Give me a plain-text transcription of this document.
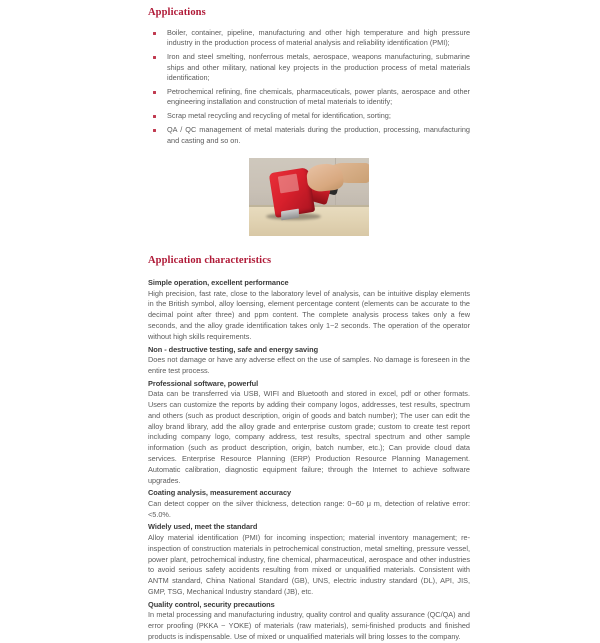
Applications
Boiler, container, pipeline, manufacturing and other high temperature and high pressure industry in the production process of material analysis and reliability identification (PMI);
Iron and steel smelting, nonferrous metals, aerospace, weapons manufacturing, submarine ships and other military, national key projects in the production process of metal materials identification;
Petrochemical refining, fine chemicals, pharmaceuticals, power plants, aerospace and other engineering installation and construction of metal materials to identify;
Scrap metal recycling and recycling of metal for identification, sorting;
QA / QC management of metal materials during the production, processing, manufacturing and casting and so on.
Application characteristics
Simple operation, excellent performance

High precision, fast rate, close to the laboratory level of analysis, can be intuitive display elements in the British symbol, alloy loensing, element percentage content (elements can be accurate to the decimal point after three) and ppm content. The complete analysis process takes only a few seconds, and the alloy grade identification takes only 1~2 seconds. The operation of the operator without high skills requirements.

Non - destructive testing, safe and energy saving

Does not damage or have any adverse effect on the use of samples. No damage is foreseen in the entire test process.

Professional software, powerful

Data can be transferred via USB, WIFI and Bluetooth and stored in excel, pdf or other formats. Users can customize the reports by adding their company logos, addresses, test results, spectrum and others (such as product description, origin of goods and batch number); The user can edit the alloy brand library, add the alloy grade and enterprise custom grade; custom to create test report including company logo, company address, test results, spectral spectrum and other sample information (such as product description, origin, batch number, etc.); Can provide cloud data services. Enterprise Resource Planning (ERP) Production Resource Planning Management. Automatic calibration, diagnostic equipment failure; through the Internet to achieve software upgrades.

Coating analysis, measurement accuracy

Can detect copper on the silver thickness, detection range: 0~60 μ m, detection of relative error: <5.0%.

Widely used, meet the standard

Alloy material identification (PMI) for incoming inspection; material inventory management; re-inspection of construction materials in petrochemical construction, metal smelting, pressure vessel, power plant, petrochemical industry, fine chemical, pharmaceutical, aerospace and other industries to avoid serious safety accidents resulting from mixed or unqualified materials. Consistent with ANTM standard, China National Standard (GB), UNS, electric industry standard (DL), API, JIS, GMP, TSG, Mechanical Industry standard (JB), etc.

Quality control, security precautions

In metal processing and manufacturing industry, quality control and quality assurance (QC/QA) and error proofing (PKKA ~ YOKE) of materials (raw materials), semi-finished products and finished products is indispensable. Use of mixed or unqualified materials will bring losses to the company.
